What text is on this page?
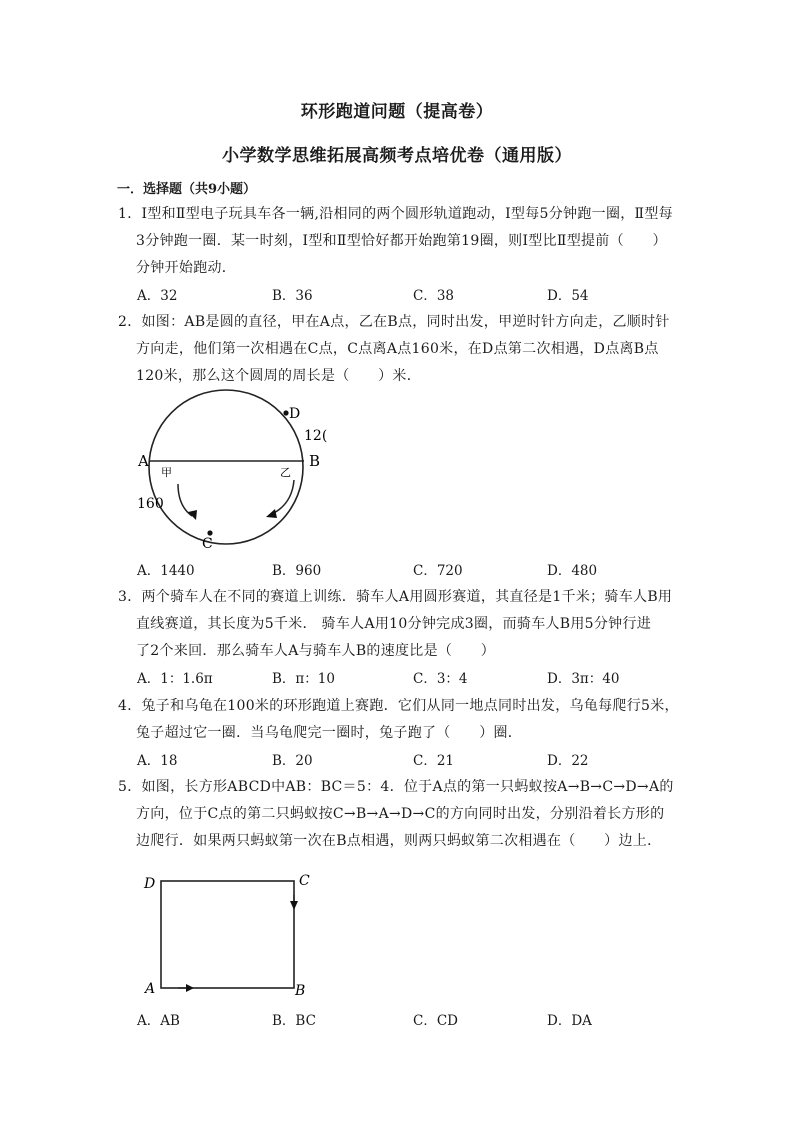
环形跑道问题（提高卷）
小学数学思维拓展高频考点培优卷（通用版）
一．选择题（共9小题）
1．Ⅰ型和Ⅱ型电子玩具车各一辆,沿相同的两个圆形轨道跑动，Ⅰ型每5分钟跑一圈，Ⅱ型每
3分钟跑一圈．某一时刻，Ⅰ型和Ⅱ型恰好都开始跑第19圈，则Ⅰ型比Ⅱ型提前（　　）
分钟开始跑动．
A．32	B．36	C．38	D．54
2．如图：AB是圆的直径，甲在A点，乙在B点，同时出发，甲逆时针方向走，乙顺时针
方向走，他们第一次相遇在C点，C点离A点160米，在D点第二次相遇，D点离B点
120米，那么这个圆周的周长是（　　）米．
A	B
D
C
12(
160
甲	乙
A．1440	B．960	C．720	D．480
3．两个骑车人在不同的赛道上训练．骑车人A用圆形赛道，其直径是1千米；骑车人B用
直线赛道，其长度为5千米． 骑车人A用10分钟完成3圈，而骑车人B用5分钟行进
了2个来回．那么骑车人A与骑车人B的速度比是（　　）
A．1：1.6π	B．π：10	C．3：4	D．3π：40
4．兔子和乌龟在100米的环形跑道上赛跑．它们从同一地点同时出发，乌龟每爬行5米，
兔子超过它一圈．当乌龟爬完一圈时，兔子跑了（　　）圈．
A．18	B．20	C．21	D．22
5．如图，长方形ABCD中AB：BC＝5：4．位于A点的第一只蚂蚁按A→B→C→D→A的
方向，位于C点的第二只蚂蚁按C→B→A→D→C的方向同时出发，分别沿着长方形的
边爬行．如果两只蚂蚁第一次在B点相遇，则两只蚂蚁第二次相遇在（　　）边上．
D	C
A	B
A．AB	B．BC	C．CD	D．DA
